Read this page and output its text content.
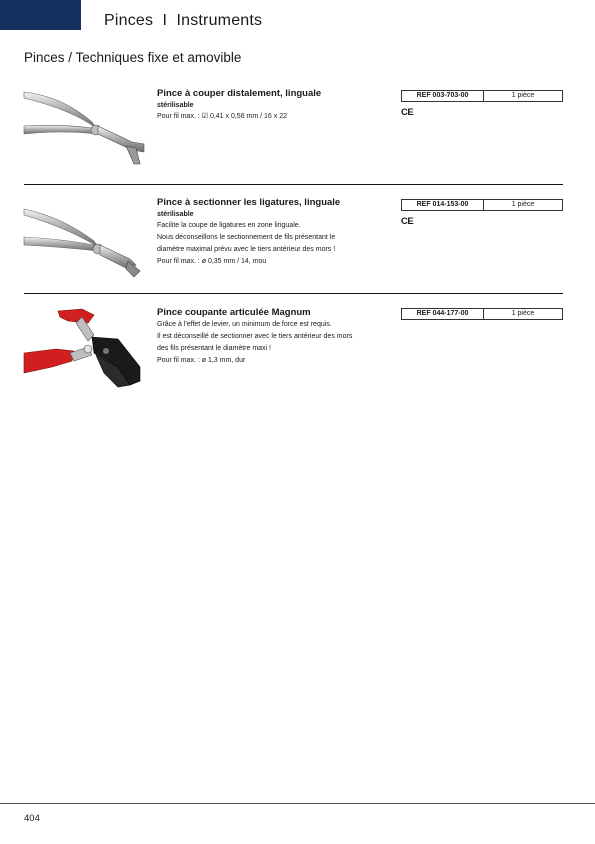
Pinces  I  Instruments
Pinces / Techniques fixe et amovible
Pince à couper distalement, linguale
stérilisable
Pour fil max. : ☑ 0,41 x 0,56 mm / 16 x 22
REF 003-703-00	1 pièce
CE
Pince à sectionner les ligatures, linguale
stérilisable
Facilite la coupe de ligatures en zone linguale.
Nous déconseillons le sectionnement de fils présentant le
diamètre maximal prévu avec le tiers antérieur des mors !
Pour fil max. : ø 0,35 mm / 14, mou
REF 014-153-00	1 pièce
CE
Pince coupante articulée Magnum
Grâce à l'effet de levier, un minimum de force est requis.
Il est déconseillé de sectionner avec le tiers antérieur des mors
des fils présentant le diamètre maxi !
Pour fil max. : ø 1,3 mm, dur
REF 044-177-00	1 pièce
404
